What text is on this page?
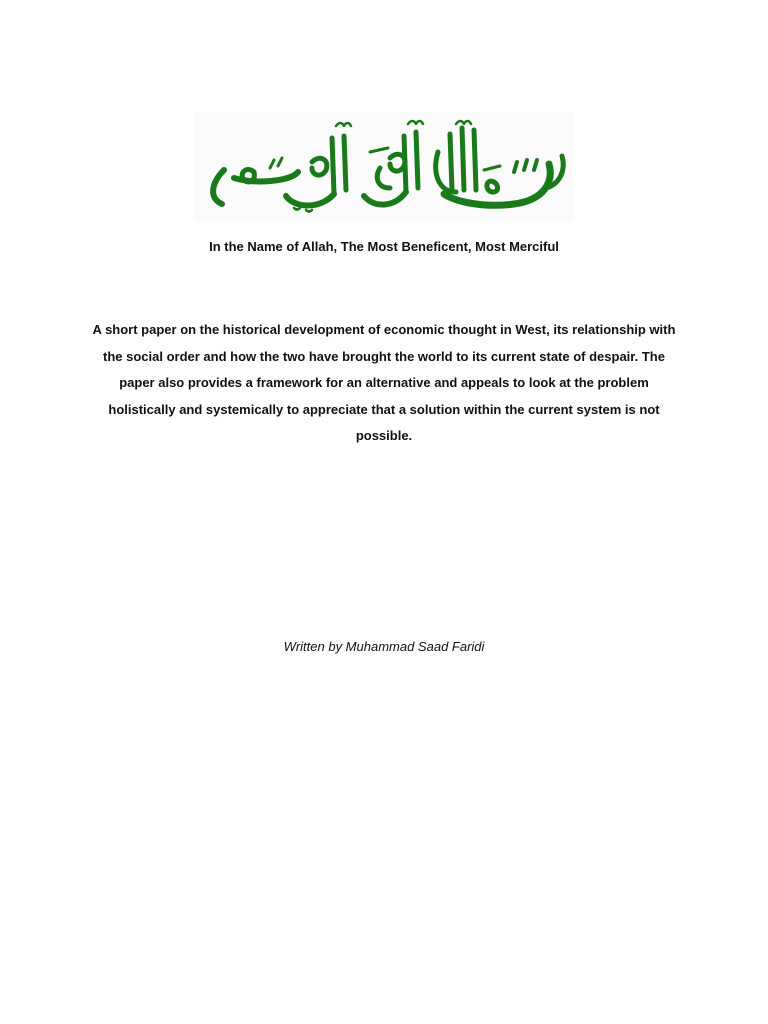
In the Name of Allah, The Most Beneficent, Most Merciful
A short paper on the historical development of economic thought in West, its relationship with the social order and how the two have brought the world to its current state of despair. The paper also provides a framework for an alternative and appeals to look at the problem holistically and systemically to appreciate that a solution within the current system is not possible.
Written by Muhammad Saad Faridi
